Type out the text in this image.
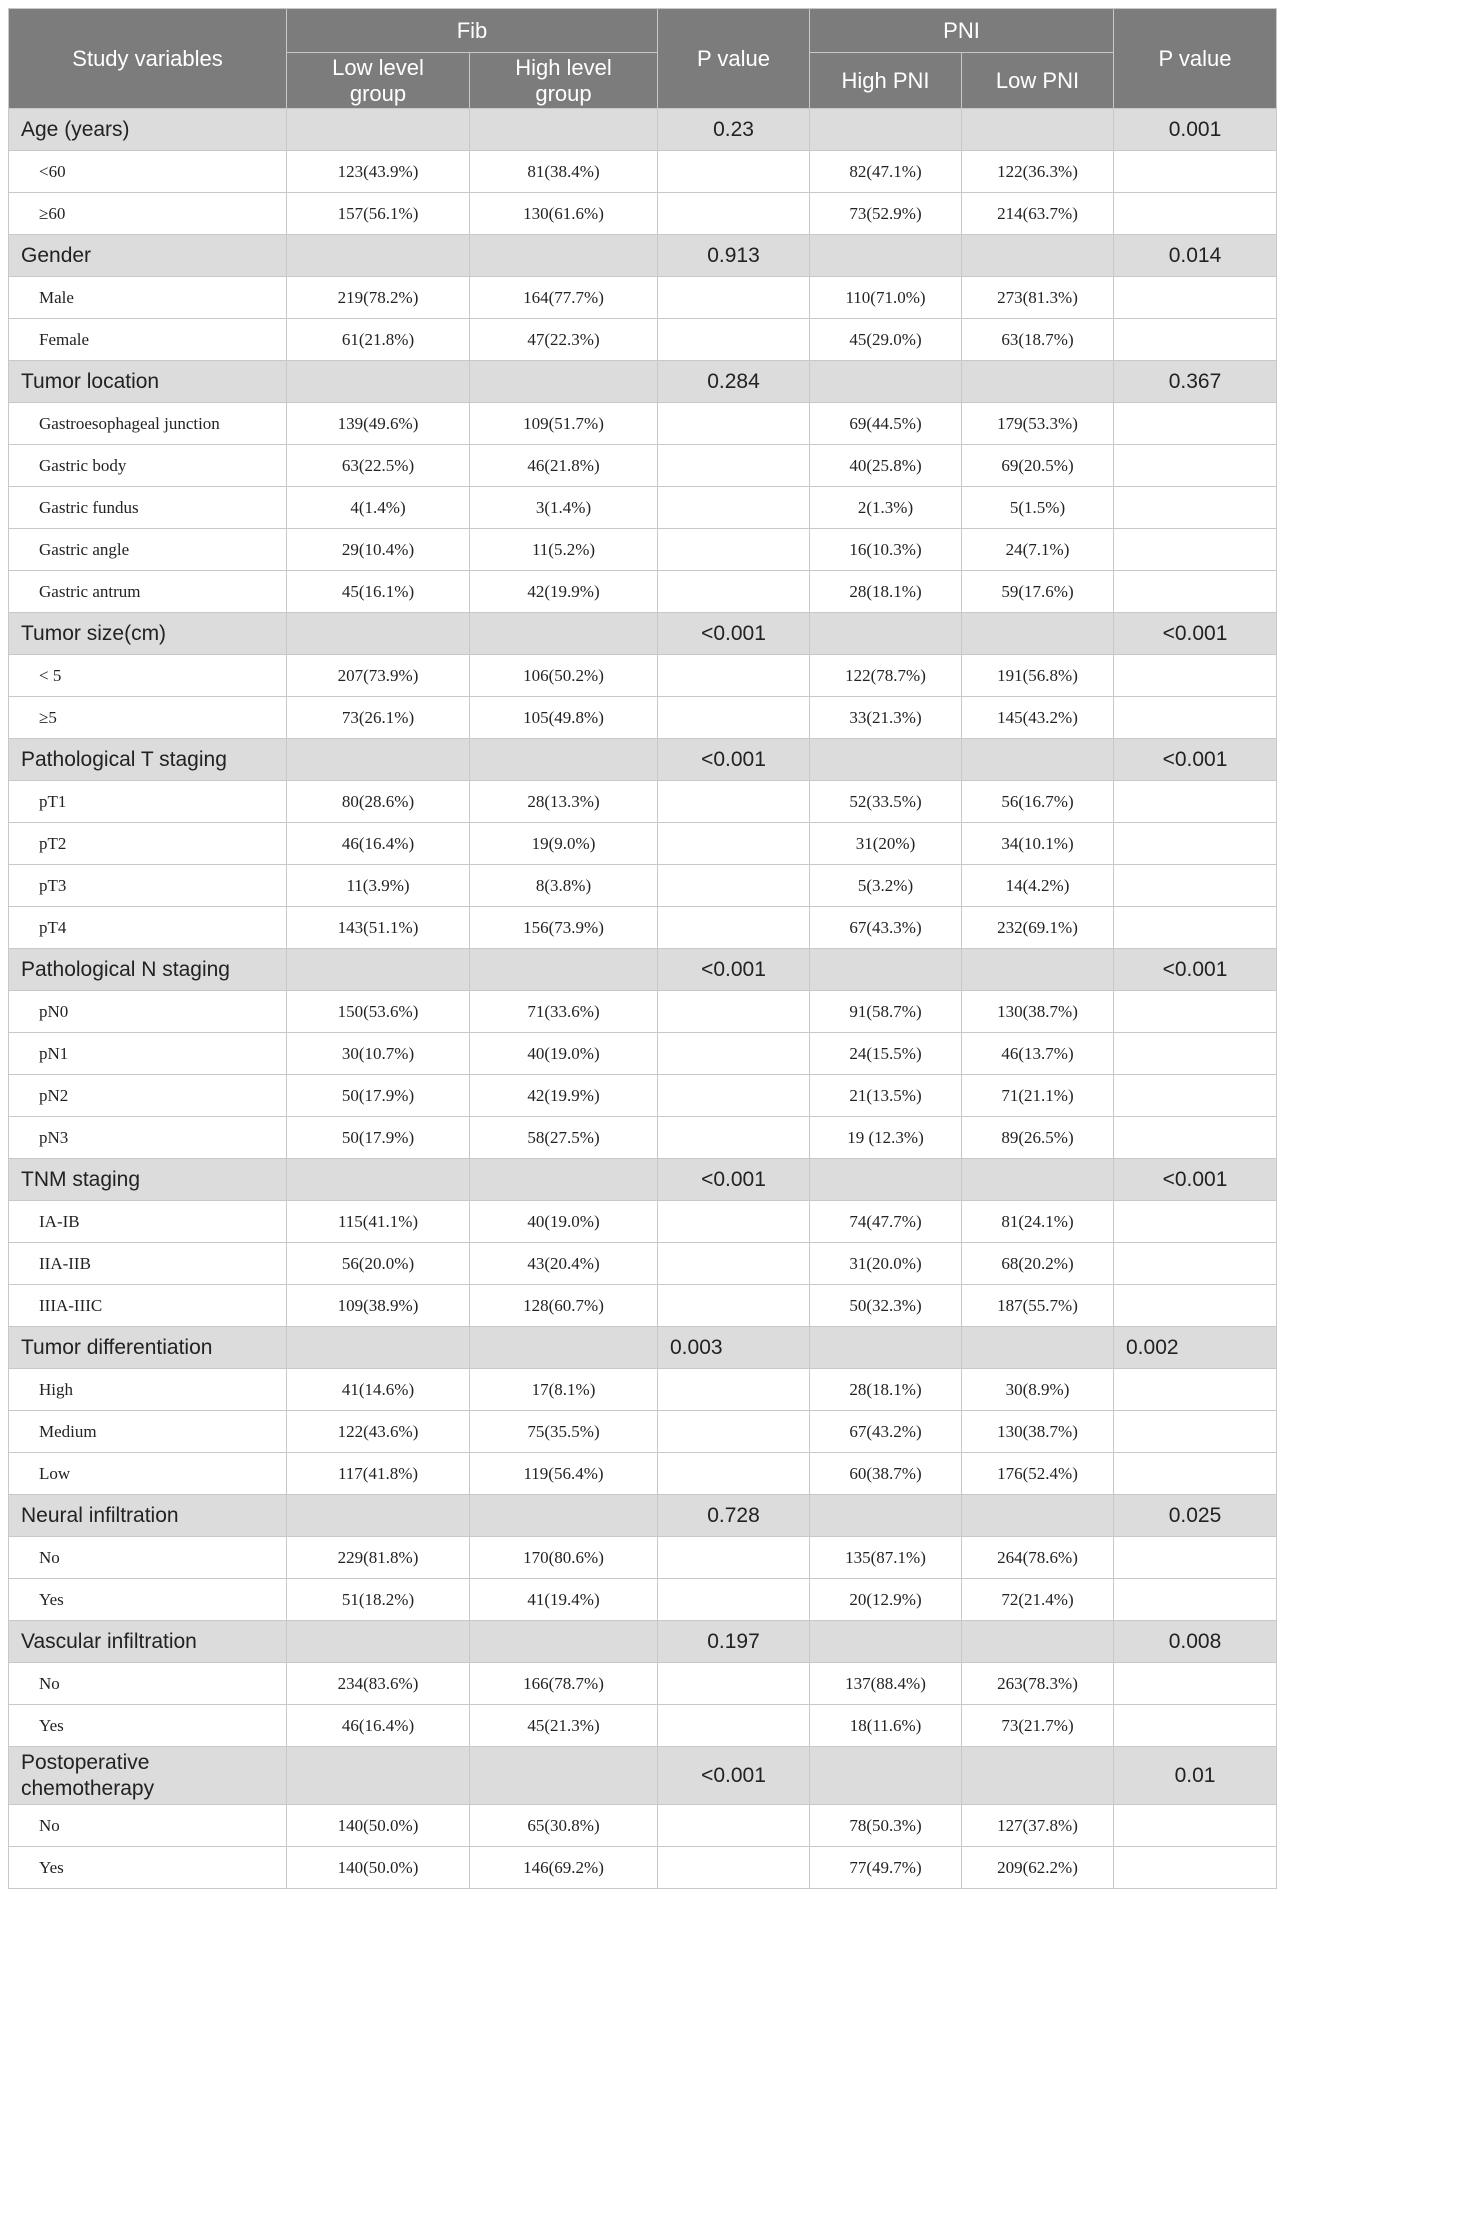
Study variables	Fib		P value	PNI		P value
	Low level group	High level group		High PNI	Low PNI	
Age (years)			0.23			0.001
<60	123(43.9%)	81(38.4%)		82(47.1%)	122(36.3%)	
≥60	157(56.1%)	130(61.6%)		73(52.9%)	214(63.7%)	
Gender			0.913			0.014
Male	219(78.2%)	164(77.7%)		110(71.0%)	273(81.3%)	
Female	61(21.8%)	47(22.3%)		45(29.0%)	63(18.7%)	
Tumor location			0.284			0.367
Gastroesophageal junction	139(49.6%)	109(51.7%)		69(44.5%)	179(53.3%)	
Gastric body	63(22.5%)	46(21.8%)		40(25.8%)	69(20.5%)	
Gastric fundus	4(1.4%)	3(1.4%)		2(1.3%)	5(1.5%)	
Gastric angle	29(10.4%)	11(5.2%)		16(10.3%)	24(7.1%)	
Gastric antrum	45(16.1%)	42(19.9%)		28(18.1%)	59(17.6%)	
Tumor size(cm)			<0.001			<0.001
< 5	207(73.9%)	106(50.2%)		122(78.7%)	191(56.8%)	
≥5	73(26.1%)	105(49.8%)		33(21.3%)	145(43.2%)	
Pathological T staging			<0.001			<0.001
pT1	80(28.6%)	28(13.3%)		52(33.5%)	56(16.7%)	
pT2	46(16.4%)	19(9.0%)		31(20%)	34(10.1%)	
pT3	11(3.9%)	8(3.8%)		5(3.2%)	14(4.2%)	
pT4	143(51.1%)	156(73.9%)		67(43.3%)	232(69.1%)	
Pathological N staging			<0.001			<0.001
pN0	150(53.6%)	71(33.6%)		91(58.7%)	130(38.7%)	
pN1	30(10.7%)	40(19.0%)		24(15.5%)	46(13.7%)	
pN2	50(17.9%)	42(19.9%)		21(13.5%)	71(21.1%)	
pN3	50(17.9%)	58(27.5%)		19 (12.3%)	89(26.5%)	
TNM staging			<0.001			<0.001
IA-IB	115(41.1%)	40(19.0%)		74(47.7%)	81(24.1%)	
IIA-IIB	56(20.0%)	43(20.4%)		31(20.0%)	68(20.2%)	
IIIA-IIIC	109(38.9%)	128(60.7%)		50(32.3%)	187(55.7%)	
Tumor differentiation			0.003			0.002
High	41(14.6%)	17(8.1%)		28(18.1%)	30(8.9%)	
Medium	122(43.6%)	75(35.5%)		67(43.2%)	130(38.7%)	
Low	117(41.8%)	119(56.4%)		60(38.7%)	176(52.4%)	
Neural infiltration			0.728			0.025
No	229(81.8%)	170(80.6%)		135(87.1%)	264(78.6%)	
Yes	51(18.2%)	41(19.4%)		20(12.9%)	72(21.4%)	
Vascular infiltration			0.197			0.008
No	234(83.6%)	166(78.7%)		137(88.4%)	263(78.3%)	
Yes	46(16.4%)	45(21.3%)		18(11.6%)	73(21.7%)	
Postoperative chemotherapy			<0.001			0.01
No	140(50.0%)	65(30.8%)		78(50.3%)	127(37.8%)	
Yes	140(50.0%)	146(69.2%)		77(49.7%)	209(62.2%)	
